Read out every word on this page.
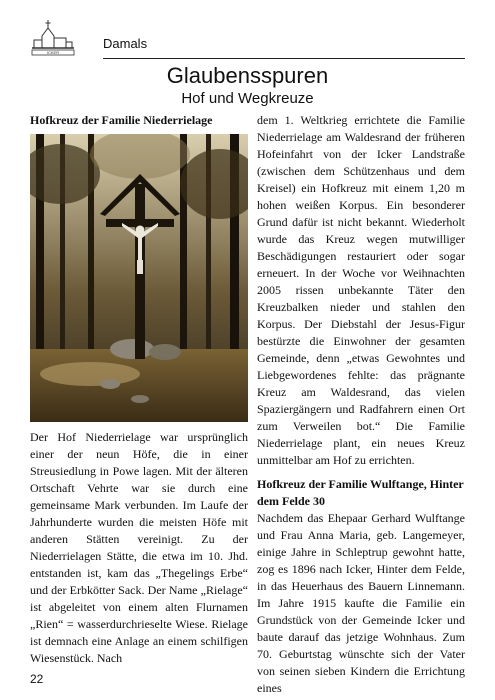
ICKER
Damals
Glaubensspuren
Hof und Wegkreuze

Hofkreuz der Familie Niederrielage

Der Hof Niederrielage war ursprünglich einer der neun Höfe, die in einer Streusiedlung in Powe lagen. Mit der älteren Ortschaft Vehrte war sie durch eine gemeinsame Mark verbunden. Im Laufe der Jahrhunderte wurden die meisten Höfe mit anderen Stätten vereinigt. Zu der Niederrielagen Stätte, die etwa im 10. Jhd. entstanden ist, kam das „Thegelings Erbe“ und der Erbkötter Sack. Der Name „Rielage“ ist abgeleitet von einem alten Flurnamen „Rien“ = wasserdurchrieselte Wiese. Rielage ist demnach eine Anlage an einem schilfigen Wiesenstück. Nach

dem 1. Weltkrieg errichtete die Familie Niederrielage am Waldesrand der früheren Hofeinfahrt von der Icker Landstraße (zwischen dem Schützenhaus und dem Kreisel) ein Hofkreuz mit einem 1,20 m hohen weißen Korpus. Ein besonderer Grund dafür ist nicht bekannt. Wiederholt wurde das Kreuz wegen mutwilliger Beschädigungen restauriert oder sogar erneuert. In der Woche vor Weihnachten 2005 rissen unbekannte Täter den Kreuzbalken nieder und stahlen den Korpus. Der Diebstahl der Jesus-Figur bestürzte die Einwohner der gesamten Gemeinde, denn „etwas Gewohntes und Liebgewordenes fehlte: das prägnante Kreuz am Waldesrand, das vielen Spaziergängern und Radfahrern einen Ort zum Verweilen bot.“ Die Familie Niederrielage plant, ein neues Kreuz unmittelbar am Hof zu errichten.

Hofkreuz der Familie Wulftange, Hinter dem Felde 30

Nachdem das Ehepaar Gerhard Wulftange und Frau Anna Maria, geb. Langemeyer, einige Jahre in Schleptrup gewohnt hatte, zog es 1896 nach Icker, Hinter dem Felde, in das Heuerhaus des Bauern Linnemann. Im Jahre 1915 kaufte die Familie ein Grundstück von der Gemeinde Icker und baute darauf das jetzige Wohnhaus. Zum 70. Geburtstag wünschte sich der Vater von seinen sieben Kindern die Errichtung eines

22
